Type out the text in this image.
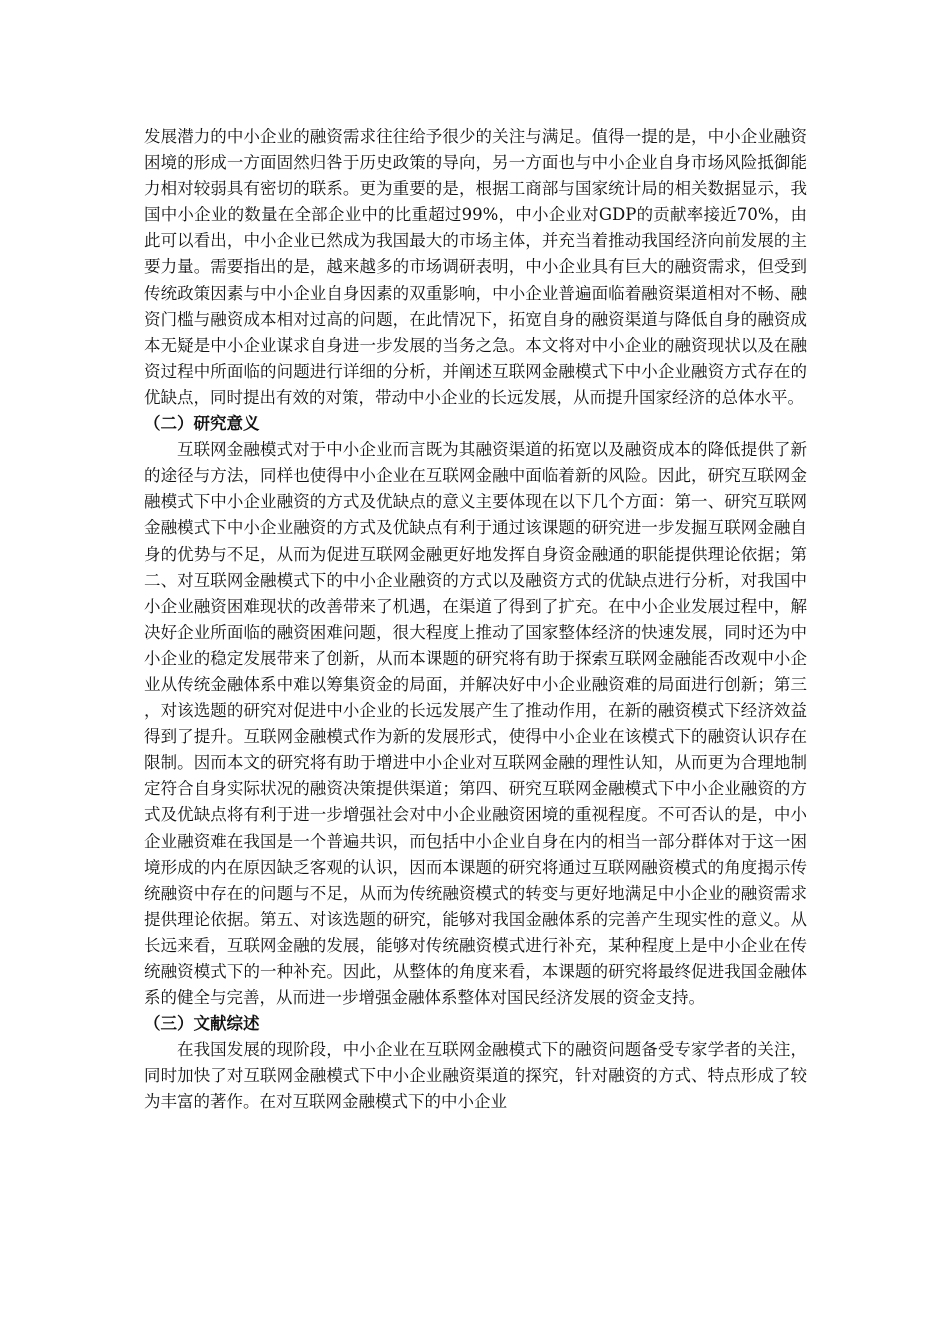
发展潜力的中小企业的融资需求往往给予很少的关注与满足。值得一提的是，中小企业融资困境的形成一方面固然归咎于历史政策的导向，另一方面也与中小企业自身市场风险抵御能力相对较弱具有密切的联系。更为重要的是，根据工商部与国家统计局的相关数据显示，我国中小企业的数量在全部企业中的比重超过99%，中小企业对GDP的贡献率接近70%，由此可以看出，中小企业已然成为我国最大的市场主体，并充当着推动我国经济向前发展的主要力量。需要指出的是，越来越多的市场调研表明，中小企业具有巨大的融资需求，但受到传统政策因素与中小企业自身因素的双重影响，中小企业普遍面临着融资渠道相对不畅、融资门槛与融资成本相对过高的问题，在此情况下，拓宽自身的融资渠道与降低自身的融资成本无疑是中小企业谋求自身进一步发展的当务之急。本文将对中小企业的融资现状以及在融资过程中所面临的问题进行详细的分析，并阐述互联网金融模式下中小企业融资方式存在的优缺点，同时提出有效的对策，带动中小企业的长远发展，从而提升国家经济的总体水平。

（二）研究意义

互联网金融模式对于中小企业而言既为其融资渠道的拓宽以及融资成本的降低提供了新的途径与方法，同样也使得中小企业在互联网金融中面临着新的风险。因此，研究互联网金融模式下中小企业融资的方式及优缺点的意义主要体现在以下几个方面：第一、研究互联网金融模式下中小企业融资的方式及优缺点有利于通过该课题的研究进一步发掘互联网金融自身的优势与不足，从而为促进互联网金融更好地发挥自身资金融通的职能提供理论依据；第二、对互联网金融模式下的中小企业融资的方式以及融资方式的优缺点进行分析，对我国中小企业融资困难现状的改善带来了机遇，在渠道了得到了扩充。在中小企业发展过程中，解决好企业所面临的融资困难问题，很大程度上推动了国家整体经济的快速发展，同时还为中小企业的稳定发展带来了创新，从而本课题的研究将有助于探索互联网金融能否改观中小企业从传统金融体系中难以筹集资金的局面，并解决好中小企业融资难的局面进行创新；第三，对该选题的研究对促进中小企业的长远发展产生了推动作用，在新的融资模式下经济效益得到了提升。互联网金融模式作为新的发展形式，使得中小企业在该模式下的融资认识存在限制。因而本文的研究将有助于增进中小企业对互联网金融的理性认知，从而更为合理地制定符合自身实际状况的融资决策提供渠道；第四、研究互联网金融模式下中小企业融资的方式及优缺点将有利于进一步增强社会对中小企业融资困境的重视程度。不可否认的是，中小企业融资难在我国是一个普遍共识，而包括中小企业自身在内的相当一部分群体对于这一困境形成的内在原因缺乏客观的认识，因而本课题的研究将通过互联网融资模式的角度揭示传统融资中存在的问题与不足，从而为传统融资模式的转变与更好地满足中小企业的融资需求提供理论依据。第五、对该选题的研究，能够对我国金融体系的完善产生现实性的意义。从长远来看，互联网金融的发展，能够对传统融资模式进行补充，某种程度上是中小企业在传统融资模式下的一种补充。因此，从整体的角度来看，本课题的研究将最终促进我国金融体系的健全与完善，从而进一步增强金融体系整体对国民经济发展的资金支持。

（三）文献综述

在我国发展的现阶段，中小企业在互联网金融模式下的融资问题备受专家学者的关注，同时加快了对互联网金融模式下中小企业融资渠道的探究，针对融资的方式、特点形成了较为丰富的著作。在对互联网金融模式下的中小企业
